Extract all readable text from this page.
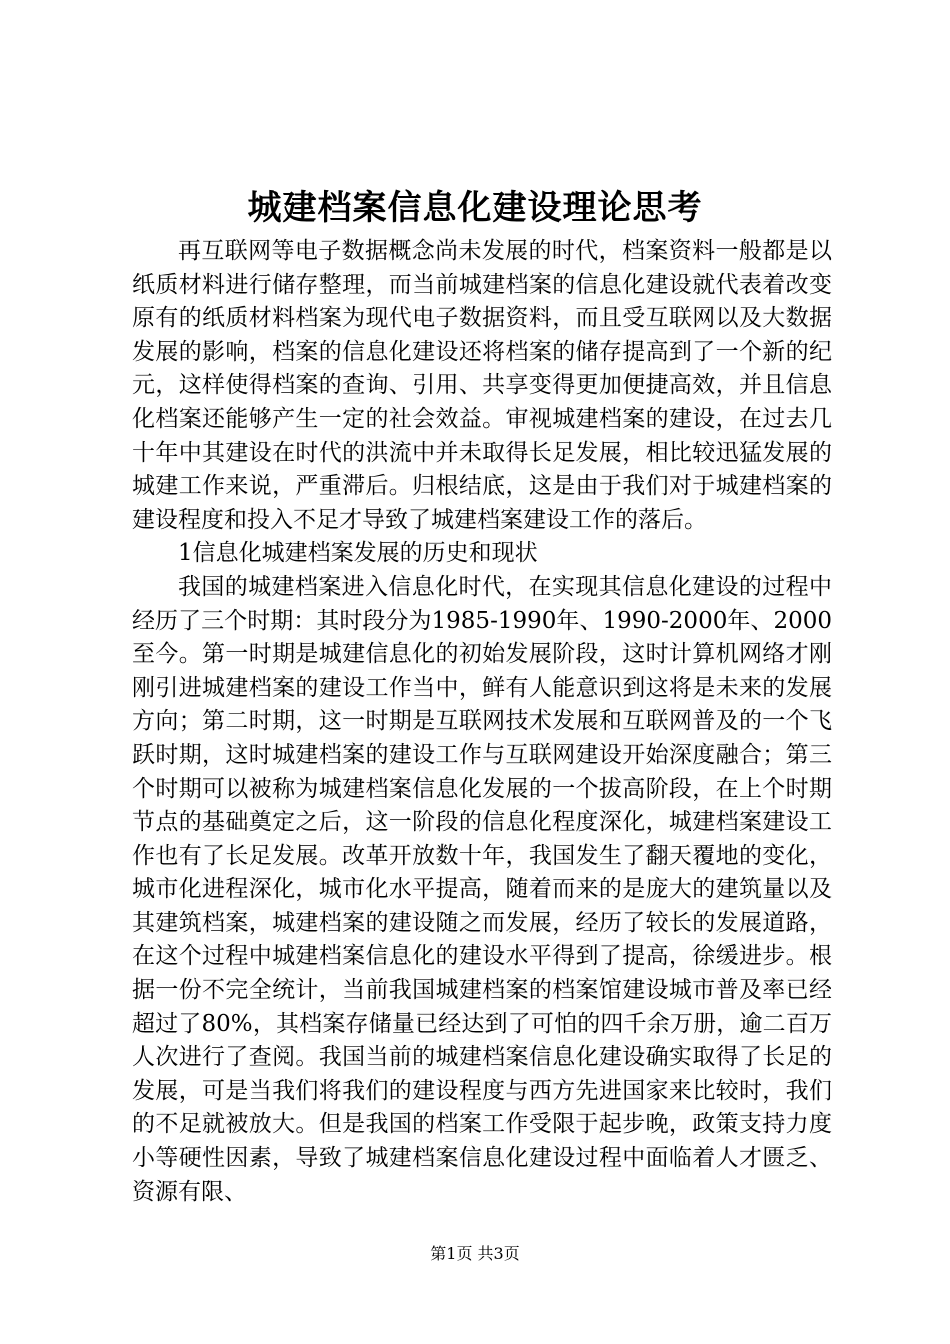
城建档案信息化建设理论思考

再互联网等电子数据概念尚未发展的时代，档案资料一般都是以纸质材料进行储存整理，而当前城建档案的信息化建设就代表着改变原有的纸质材料档案为现代电子数据资料，而且受互联网以及大数据发展的影响，档案的信息化建设还将档案的储存提高到了一个新的纪元，这样使得档案的查询、引用、共享变得更加便捷高效，并且信息化档案还能够产生一定的社会效益。审视城建档案的建设，在过去几十年中其建设在时代的洪流中并未取得长足发展，相比较迅猛发展的城建工作来说，严重滞后。归根结底，这是由于我们对于城建档案的建设程度和投入不足才导致了城建档案建设工作的落后。

1信息化城建档案发展的历史和现状

我国的城建档案进入信息化时代，在实现其信息化建设的过程中经历了三个时期：其时段分为1985-1990年、1990-2000年、2000至今。第一时期是城建信息化的初始发展阶段，这时计算机网络才刚刚引进城建档案的建设工作当中，鲜有人能意识到这将是未来的发展方向；第二时期，这一时期是互联网技术发展和互联网普及的一个飞跃时期，这时城建档案的建设工作与互联网建设开始深度融合；第三个时期可以被称为城建档案信息化发展的一个拔高阶段，在上个时期节点的基础奠定之后，这一阶段的信息化程度深化，城建档案建设工作也有了长足发展。改革开放数十年，我国发生了翻天覆地的变化，城市化进程深化，城市化水平提高，随着而来的是庞大的建筑量以及其建筑档案，城建档案的建设随之而发展，经历了较长的发展道路，在这个过程中城建档案信息化的建设水平得到了提高，徐缓进步。根据一份不完全统计，当前我国城建档案的档案馆建设城市普及率已经超过了80%，其档案存储量已经达到了可怕的四千余万册，逾二百万人次进行了查阅。我国当前的城建档案信息化建设确实取得了长足的发展，可是当我们将我们的建设程度与西方先进国家来比较时，我们的不足就被放大。但是我国的档案工作受限于起步晚，政策支持力度小等硬性因素，导致了城建档案信息化建设过程中面临着人才匮乏、资源有限、

第1页 共3页
